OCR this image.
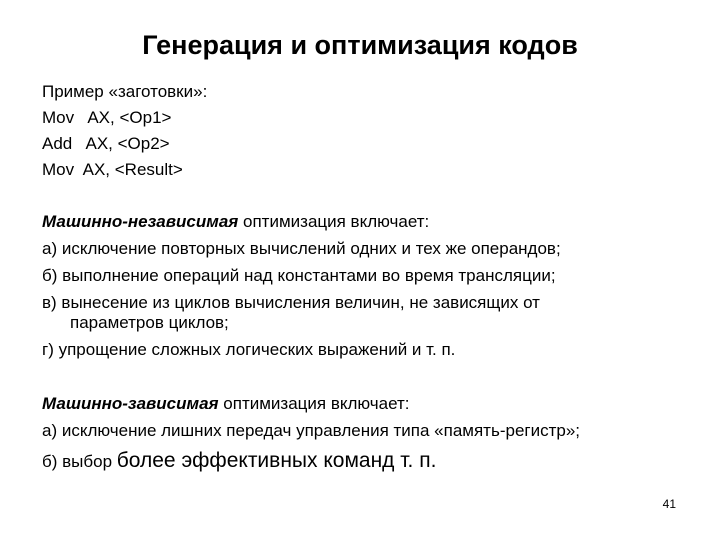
Генерация и оптимизация кодов
Пример «заготовки»:
Mov   AX, <Op1>
Add   AX, <Op2>
Mov  AX, <Result>
Машинно-независимая оптимизация включает:
а) исключение повторных вычислений одних и тех же операндов;
б) выполнение операций над константами во время трансляции;
в) вынесение из циклов вычисления величин, не зависящих от
параметров циклов;
г) упрощение сложных логических выражений и т. п.
Машинно-зависимая оптимизация включает:
а) исключение лишних передач управления типа «память-регистр»;
б) выбор более эффективных команд т. п.
41
